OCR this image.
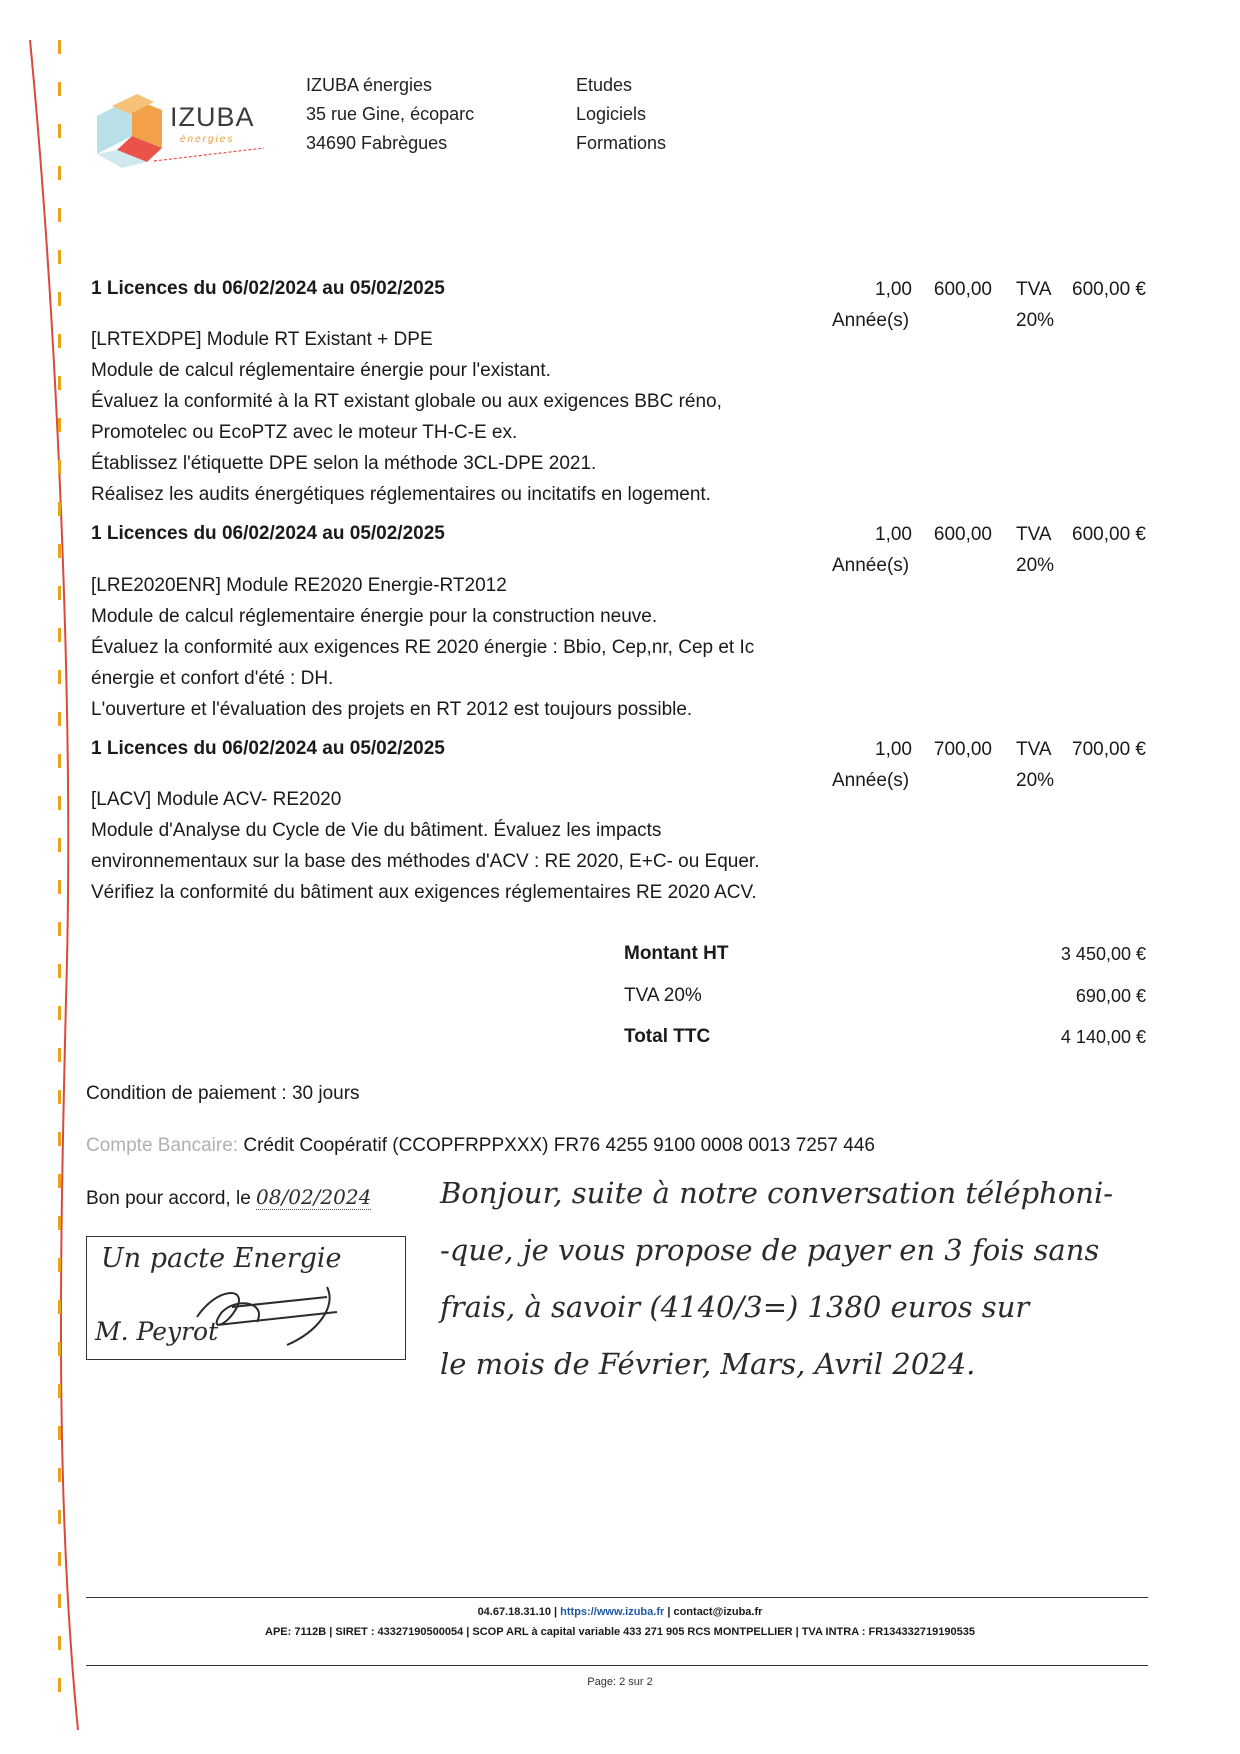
IZUBA
énergies
IZUBA énergies
35 rue Gine, écoparc
34690 Fabrègues
Etudes
Logiciels
Formations
1 Licences du 06/02/2024 au 05/02/2025	1,00	600,00 TVA	600,00 €
Année(s)	20%
[LRTEXDPE] Module RT Existant + DPE
Module de calcul réglementaire énergie pour l'existant.
Évaluez la conformité à la RT existant globale ou aux exigences BBC réno,
Promotelec ou EcoPTZ avec le moteur TH-C-E ex.
Établissez l'étiquette DPE selon la méthode 3CL-DPE 2021.
Réalisez les audits énergétiques réglementaires ou incitatifs en logement.
1 Licences du 06/02/2024 au 05/02/2025	1,00	600,00 TVA	600,00 €
Année(s)	20%
[LRE2020ENR] Module RE2020 Energie-RT2012
Module de calcul réglementaire énergie pour la construction neuve.
Évaluez la conformité aux exigences RE 2020 énergie : Bbio, Cep,nr, Cep et Ic
énergie et confort d'été : DH.
L'ouverture et l'évaluation des projets en RT 2012 est toujours possible.
1 Licences du 06/02/2024 au 05/02/2025	1,00	700,00 TVA	700,00 €
Année(s)	20%
[LACV] Module ACV- RE2020
Module d'Analyse du Cycle de Vie du bâtiment. Évaluez les impacts
environnementaux sur la base des méthodes d'ACV : RE 2020, E+C- ou Equer.
Vérifiez la conformité du bâtiment aux exigences réglementaires RE 2020 ACV.
Montant HT	3 450,00 €
TVA 20%	690,00 €
Total TTC	4 140,00 €
Condition de paiement : 30 jours
Compte Bancaire: Crédit Coopératif (CCOPFRPPXXX) FR76 4255 9100 0008 0013 7257 446
Bon pour accord, le 08/02/2024
Un pacte Energie
M. Peyrot
Bonjour, suite à notre conversation téléphoni-
-que, je vous propose de payer en 3 fois sans
frais, à savoir (4140/3=) 1380 euros sur
le mois de Février, Mars, Avril 2024.
04.67.18.31.10 | https://www.izuba.fr | contact@izuba.fr
APE: 7112B | SIRET : 43327190500054 | SCOP ARL à capital variable 433 271 905 RCS MONTPELLIER | TVA INTRA : FR134332719190535
Page: 2 sur 2
